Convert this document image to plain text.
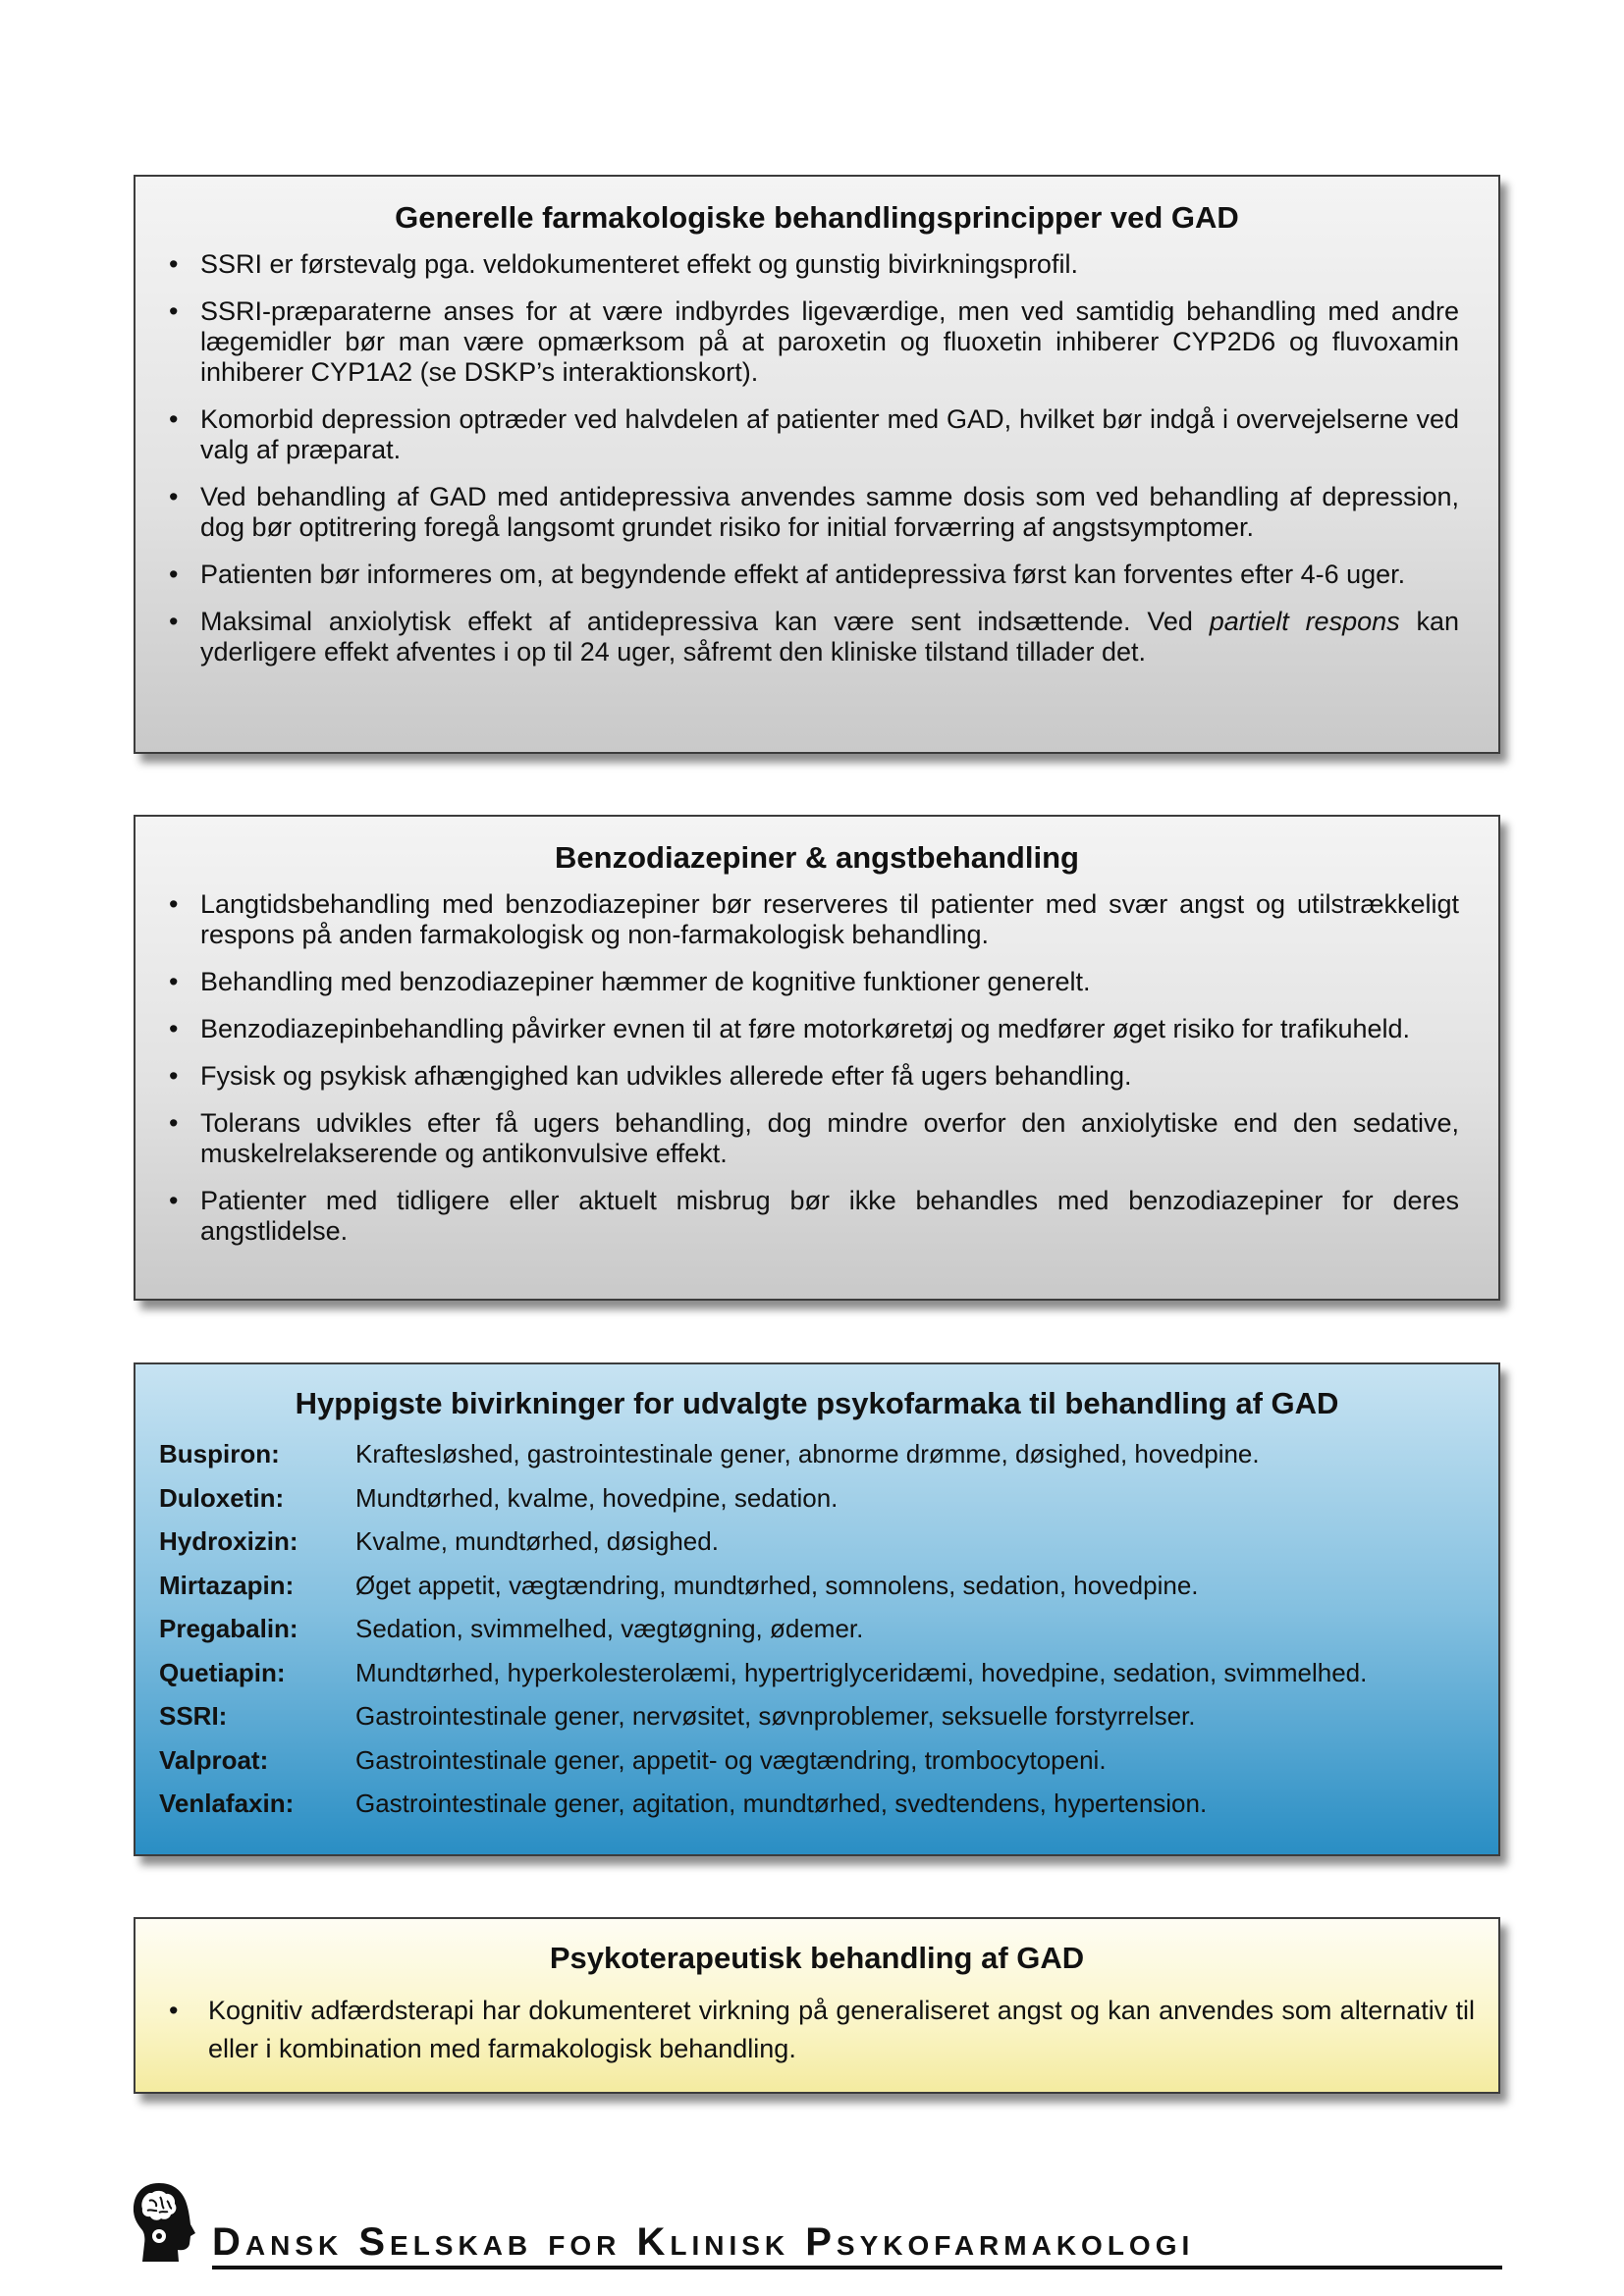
Generelle farmakologiske behandlingsprincipper ved GAD
• SSRI er førstevalg pga. veldokumenteret effekt og gunstig bivirkningsprofil.
• SSRI-præparaterne anses for at være indbyrdes ligeværdige, men ved samtidig behandling med andre lægemidler bør man være opmærksom på at paroxetin og fluoxetin inhiberer CYP2D6 og fluvoxamin inhiberer CYP1A2 (se DSKP’s interaktionskort).
• Komorbid depression optræder ved halvdelen af patienter med GAD, hvilket bør indgå i overvejelserne ved valg af præparat.
• Ved behandling af GAD med antidepressiva anvendes samme dosis som ved behandling af depression, dog bør optitrering foregå langsomt grundet risiko for initial forværring af angstsymptomer.
• Patienten bør informeres om, at begyndende effekt af antidepressiva først kan forventes efter 4-6 uger.
• Maksimal anxiolytisk effekt af antidepressiva kan være sent indsættende. Ved partielt respons kan yderligere effekt afventes i op til 24 uger, såfremt den kliniske tilstand tillader det.
Benzodiazepiner & angstbehandling
• Langtidsbehandling med benzodiazepiner bør reserveres til patienter med svær angst og utilstrækkeligt respons på anden farmakologisk og non-farmakologisk behandling.
• Behandling med benzodiazepiner hæmmer de kognitive funktioner generelt.
• Benzodiazepinbehandling påvirker evnen til at føre motorkøretøj og medfører øget risiko for trafikuheld.
• Fysisk og psykisk afhængighed kan udvikles allerede efter få ugers behandling.
• Tolerans udvikles efter få ugers behandling, dog mindre overfor den anxiolytiske end den sedative, muskelrelakserende og antikonvulsive effekt.
• Patienter med tidligere eller aktuelt misbrug bør ikke behandles med benzodiazepiner for deres angstlidelse.
Hyppigste bivirkninger for udvalgte psykofarmaka til behandling af GAD
Buspiron:	Kraftesløshed, gastrointestinale gener, abnorme drømme, døsighed, hovedpine.
Duloxetin:	Mundtørhed, kvalme, hovedpine, sedation.
Hydroxizin:	Kvalme, mundtørhed, døsighed.
Mirtazapin:	Øget appetit, vægtændring, mundtørhed, somnolens, sedation, hovedpine.
Pregabalin:	Sedation, svimmelhed, vægtøgning, ødemer.
Quetiapin:	Mundtørhed, hyperkolesterolæmi, hypertriglyceridæmi, hovedpine, sedation, svimmelhed.
SSRI:	Gastrointestinale gener, nervøsitet, søvnproblemer, seksuelle forstyrrelser.
Valproat:	Gastrointestinale gener, appetit- og vægtændring, trombocytopeni.
Venlafaxin:	Gastrointestinale gener, agitation, mundtørhed, svedtendens, hypertension.
Psykoterapeutisk behandling af GAD
• Kognitiv adfærdsterapi har dokumenteret virkning på generaliseret angst og kan anvendes som alternativ til eller i kombination med farmakologisk behandling.
Dansk Selskab for Klinisk Psykofarmakologi
